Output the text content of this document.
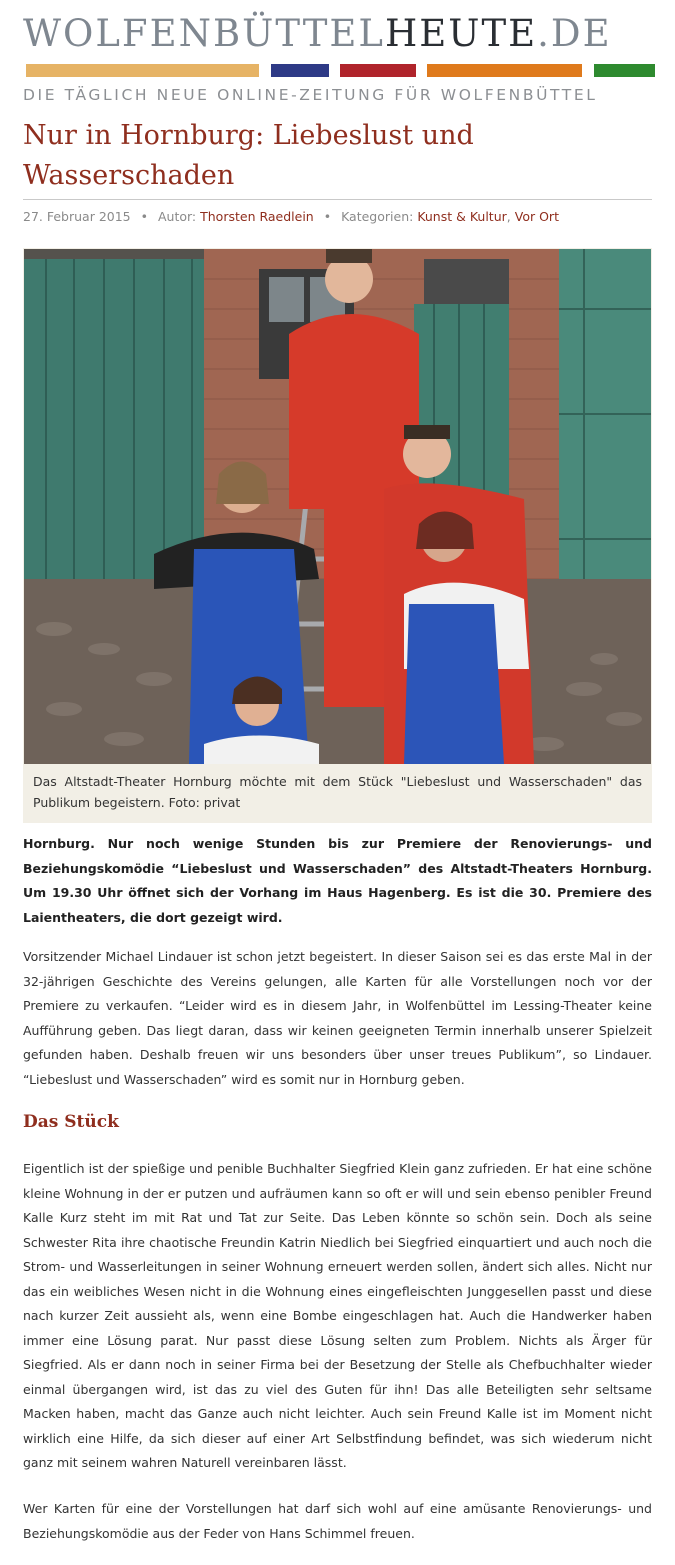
WOLFENBÜTTELHEUTE.DE
DIE TÄGLICH NEUE ONLINE-ZEITUNG FÜR WOLFENBÜTTEL
Nur in Hornburg: Liebeslust und Wasserschaden
27. Februar 2015 • Autor: Thorsten Raedlein • Kategorien: Kunst & Kultur, Vor Ort
Das Altstadt-Theater Hornburg möchte mit dem Stück "Liebeslust und Wasserschaden" das Publikum begeistern. Foto: privat

Hornburg. Nur noch wenige Stunden bis zur Premiere der Renovierungs- und Beziehungskomödie “Liebeslust und Wasserschaden” des Altstadt-Theaters Hornburg. Um 19.30 Uhr öffnet sich der Vorhang im Haus Hagenberg. Es ist die 30. Premiere des Laientheaters, die dort gezeigt wird.

Vorsitzender Michael Lindauer ist schon jetzt begeistert. In dieser Saison sei es das erste Mal in der 32-jährigen Geschichte des Vereins gelungen, alle Karten für alle Vorstellungen noch vor der Premiere zu verkaufen. “Leider wird es in diesem Jahr, in Wolfenbüttel im Lessing-Theater keine Aufführung geben. Das liegt daran, dass wir keinen geeigneten Termin innerhalb unserer Spielzeit gefunden haben. Deshalb freuen wir uns besonders über unser treues Publikum”, so Lindauer. “Liebeslust und Wasserschaden” wird es somit nur in Hornburg geben.

Das Stück

Eigentlich ist der spießige und penible Buchhalter Siegfried Klein ganz zufrieden. Er hat eine schöne kleine Wohnung in der er putzen und aufräumen kann so oft er will und sein ebenso penibler Freund Kalle Kurz steht im mit Rat und Tat zur Seite. Das Leben könnte so schön sein. Doch als seine Schwester Rita ihre chaotische Freundin Katrin Niedlich bei Siegfried einquartiert und auch noch die Strom- und Wasserleitungen in seiner Wohnung erneuert werden sollen, ändert sich alles. Nicht nur das ein weibliches Wesen nicht in die Wohnung eines eingefleischten Junggesellen passt und diese nach kurzer Zeit aussieht als, wenn eine Bombe eingeschlagen hat. Auch die Handwerker haben immer eine Lösung parat. Nur passt diese Lösung selten zum Problem. Nichts als Ärger für Siegfried. Als er dann noch in seiner Firma bei der Besetzung der Stelle als Chefbuchhalter wieder einmal übergangen wird, ist das zu viel des Guten für ihn! Das alle Beteiligten sehr seltsame Macken haben, macht das Ganze auch nicht leichter. Auch sein Freund Kalle ist im Moment nicht wirklich eine Hilfe, da sich dieser auf einer Art Selbstfindung befindet, was sich wiederum nicht ganz mit seinem wahren Naturell vereinbaren lässt.

Wer Karten für eine der Vorstellungen hat darf sich wohl auf eine amüsante Renovierungs- und Beziehungskomödie aus der Feder von Hans Schimmel freuen.
